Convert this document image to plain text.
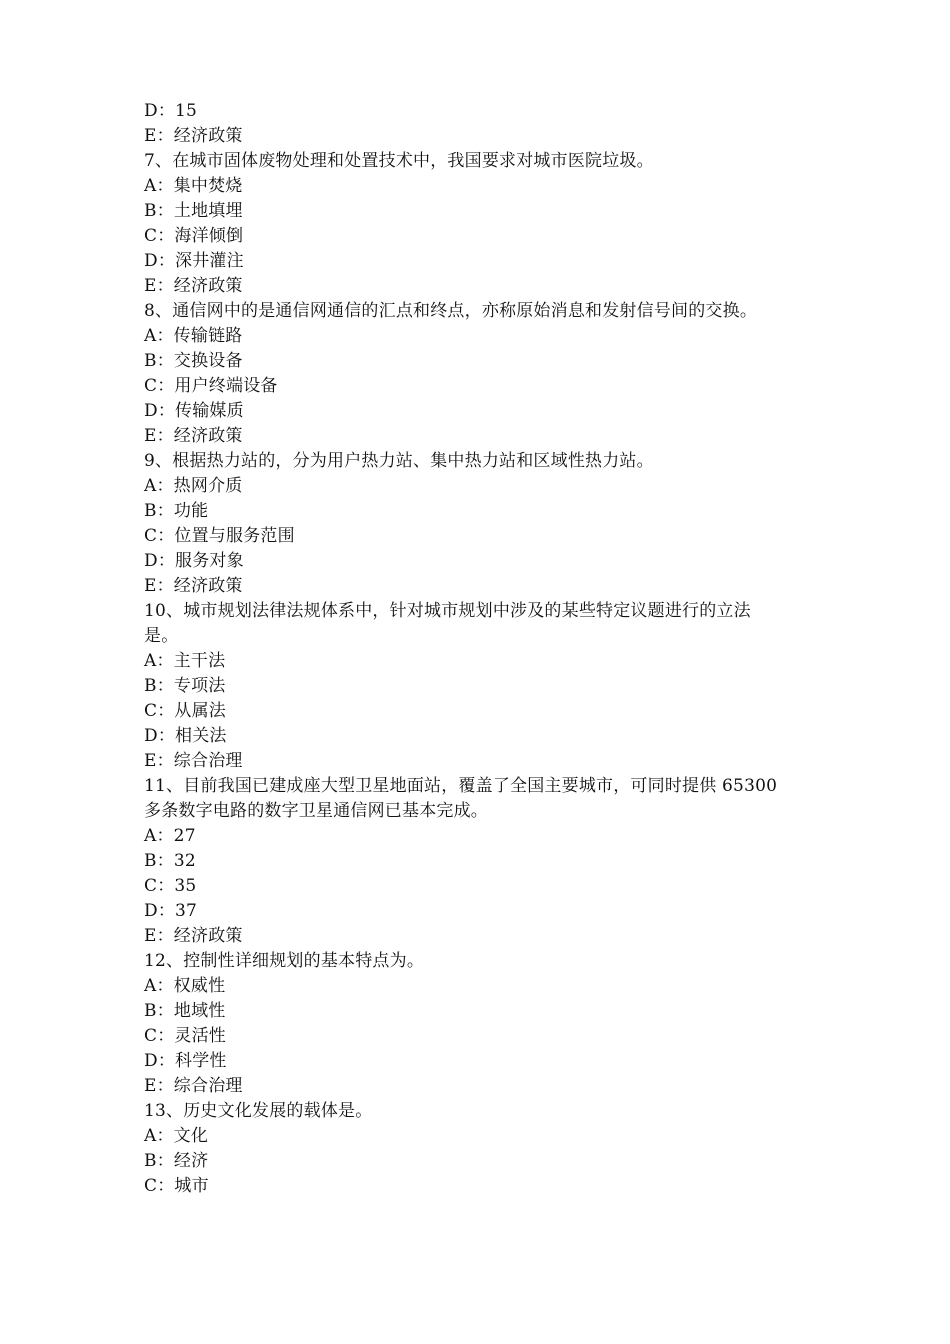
D：15
E：经济政策
7、在城市固体废物处理和处置技术中，我国要求对城市医院垃圾。
A：集中焚烧
B：土地填埋
C：海洋倾倒
D：深井灌注
E：经济政策
8、通信网中的是通信网通信的汇点和终点，亦称原始消息和发射信号间的交换。
A：传输链路
B：交换设备
C：用户终端设备
D：传输媒质
E：经济政策
9、根据热力站的，分为用户热力站、集中热力站和区域性热力站。
A：热网介质
B：功能
C：位置与服务范围
D：服务对象
E：经济政策
10、城市规划法律法规体系中，针对城市规划中涉及的某些特定议题进行的立法
是。
A：主干法
B：专项法
C：从属法
D：相关法
E：综合治理
11、目前我国已建成座大型卫星地面站，覆盖了全国主要城市，可同时提供 65300
多条数字电路的数字卫星通信网已基本完成。
A：27
B：32
C：35
D：37
E：经济政策
12、控制性详细规划的基本特点为。
A：权威性
B：地域性
C：灵活性
D：科学性
E：综合治理
13、历史文化发展的载体是。
A：文化
B：经济
C：城市
